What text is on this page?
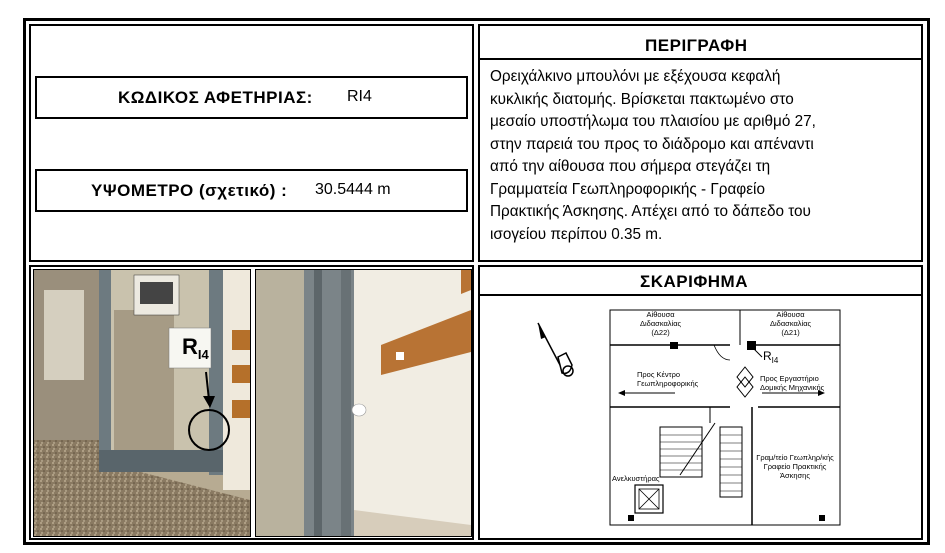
ΚΩΔΙΚΟΣ ΑΦΕΤΗΡΙΑΣ: RI4
ΥΨΟΜΕΤΡΟ (σχετικό) : 30.5444 m
ΠΕΡΙΓΡΑΦΗ
Ορειχάλκινο μπουλόνι με εξέχουσα κεφαλή
κυκλικής διατομής. Βρίσκεται πακτωμένο στο
μεσαίο υποστήλωμα του πλαισίου με αριθμό 27,
στην παρειά του προς το διάδρομο και απέναντι
από την αίθουσα που σήμερα στεγάζει τη
Γραμματεία Γεωπληροφορικής - Γραφείο
Πρακτικής Άσκησης. Απέχει από το δάπεδο του
ισογείου περίπου 0.35 m.
$R_{I4}$
ΣΚΑΡΙΦΗΜΑ
Αίθουσα
Διδασκαλίας
(Δ22)
Αίθουσα
Διδασκαλίας
(Δ21)
$R_{I4}$
Προς Κέντρο
Γεωπληροφορικής
Προς Εργαστήριο
Δομικής Μηχανικής
Γραμ/τείο Γεωπληρ/κής
Γραφείο Πρακτικής
Άσκησης
Ανελκυστήρας
